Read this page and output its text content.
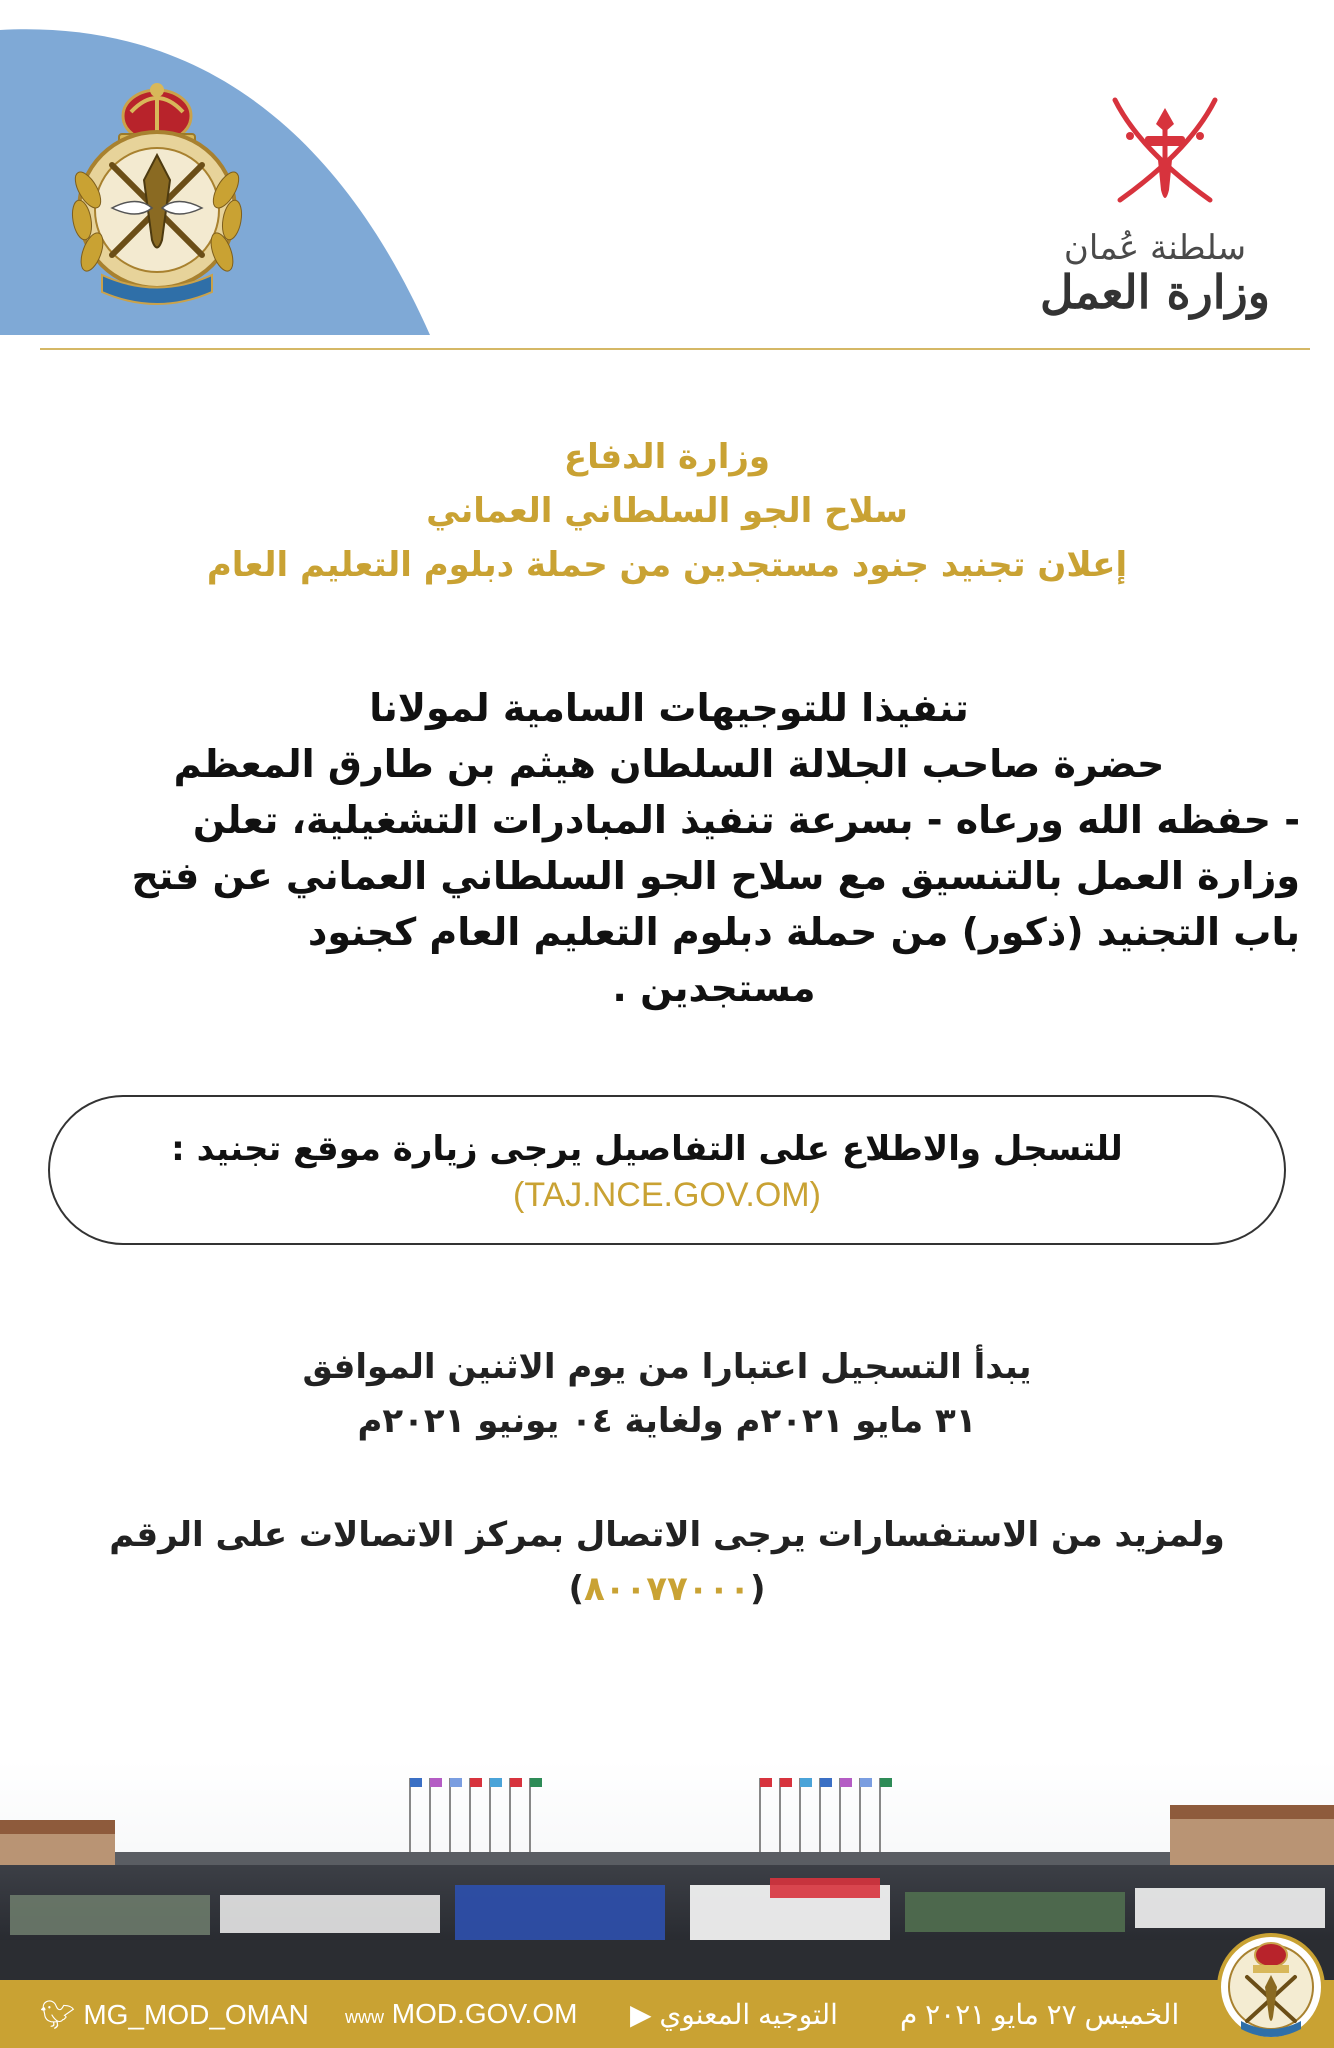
سلطنة عُمان
وزارة العمل
وزارة الدفاع
سلاح الجو السلطاني العماني
إعلان تجنيد جنود مستجدين من حملة دبلوم التعليم العام
تنفيذا للتوجيهات السامية لمولانا
حضرة صاحب الجلالة السلطان هيثم بن طارق المعظم
- حفظه الله ورعاه - بسرعة تنفيذ المبادرات التشغيلية، تعلن
وزارة العمل بالتنسيق مع سلاح الجو السلطاني العماني عن فتح
باب التجنيد (ذكور) من حملة دبلوم التعليم العام كجنود
مستجدين .
للتسجل والاطلاع على التفاصيل يرجى زيارة موقع تجنيد :
(TAJ.NCE.GOV.OM)
يبدأ التسجيل اعتبارا من يوم الاثنين الموافق
٣١ مايو ٢٠٢١م ولغاية ٠٤ يونيو ٢٠٢١م
ولمزيد من الاستفسارات يرجى الاتصال بمركز الاتصالات على الرقم
(٨٠٠٧٧٠٠٠)
🐦︎ MG_MOD_OMAN www MOD.GOV.OM	التوجيه المعنوي ▶	الخميس ٢٧ مايو ٢٠٢١ م
